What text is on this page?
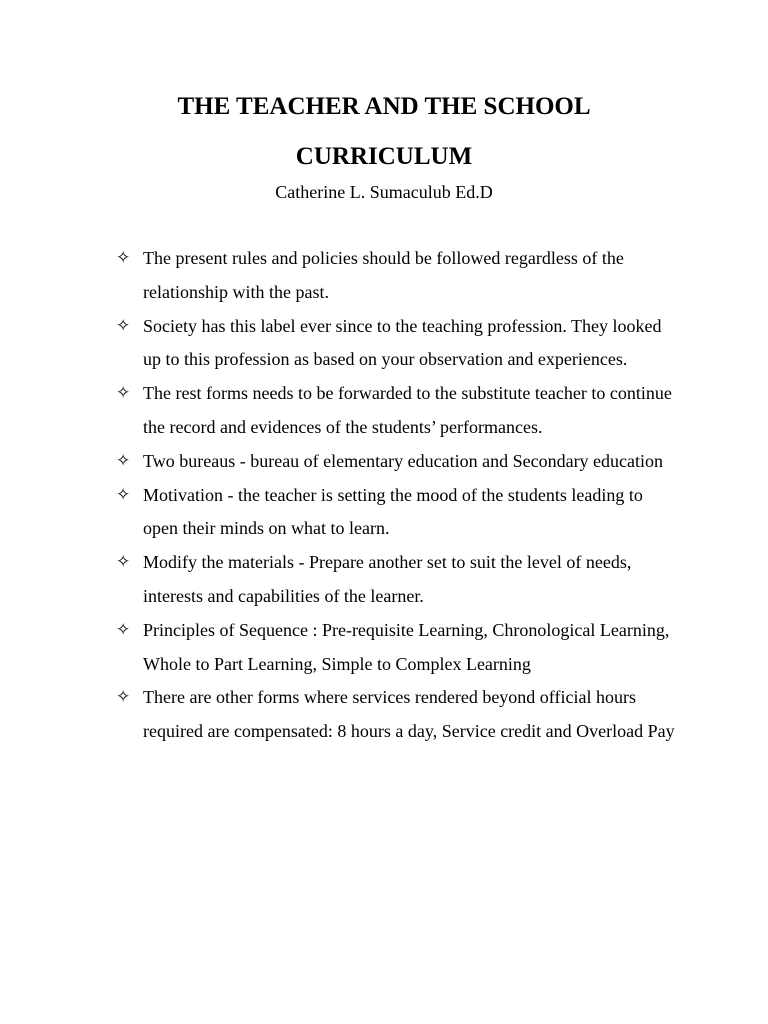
THE TEACHER AND THE SCHOOL
CURRICULUM
Catherine L. Sumaculub Ed.D
✧ The present rules and policies should be followed regardless of the relationship with the past.
✧ Society has this label ever since to the teaching profession. They looked up to this profession as based on your observation and experiences.
✧ The rest forms needs to be forwarded to the substitute teacher to continue the record and evidences of the students’ performances.
✧ Two bureaus - bureau of elementary education and Secondary education
✧ Motivation - the teacher is setting the mood of the students leading to open their minds on what to learn.
✧ Modify the materials - Prepare another set to suit the level of needs, interests and capabilities of the learner.
✧ Principles of Sequence : Pre-requisite Learning, Chronological Learning, Whole to Part Learning, Simple to Complex Learning
✧ There are other forms where services rendered beyond official hours required are compensated: 8 hours a day, Service credit and Overload Pay
